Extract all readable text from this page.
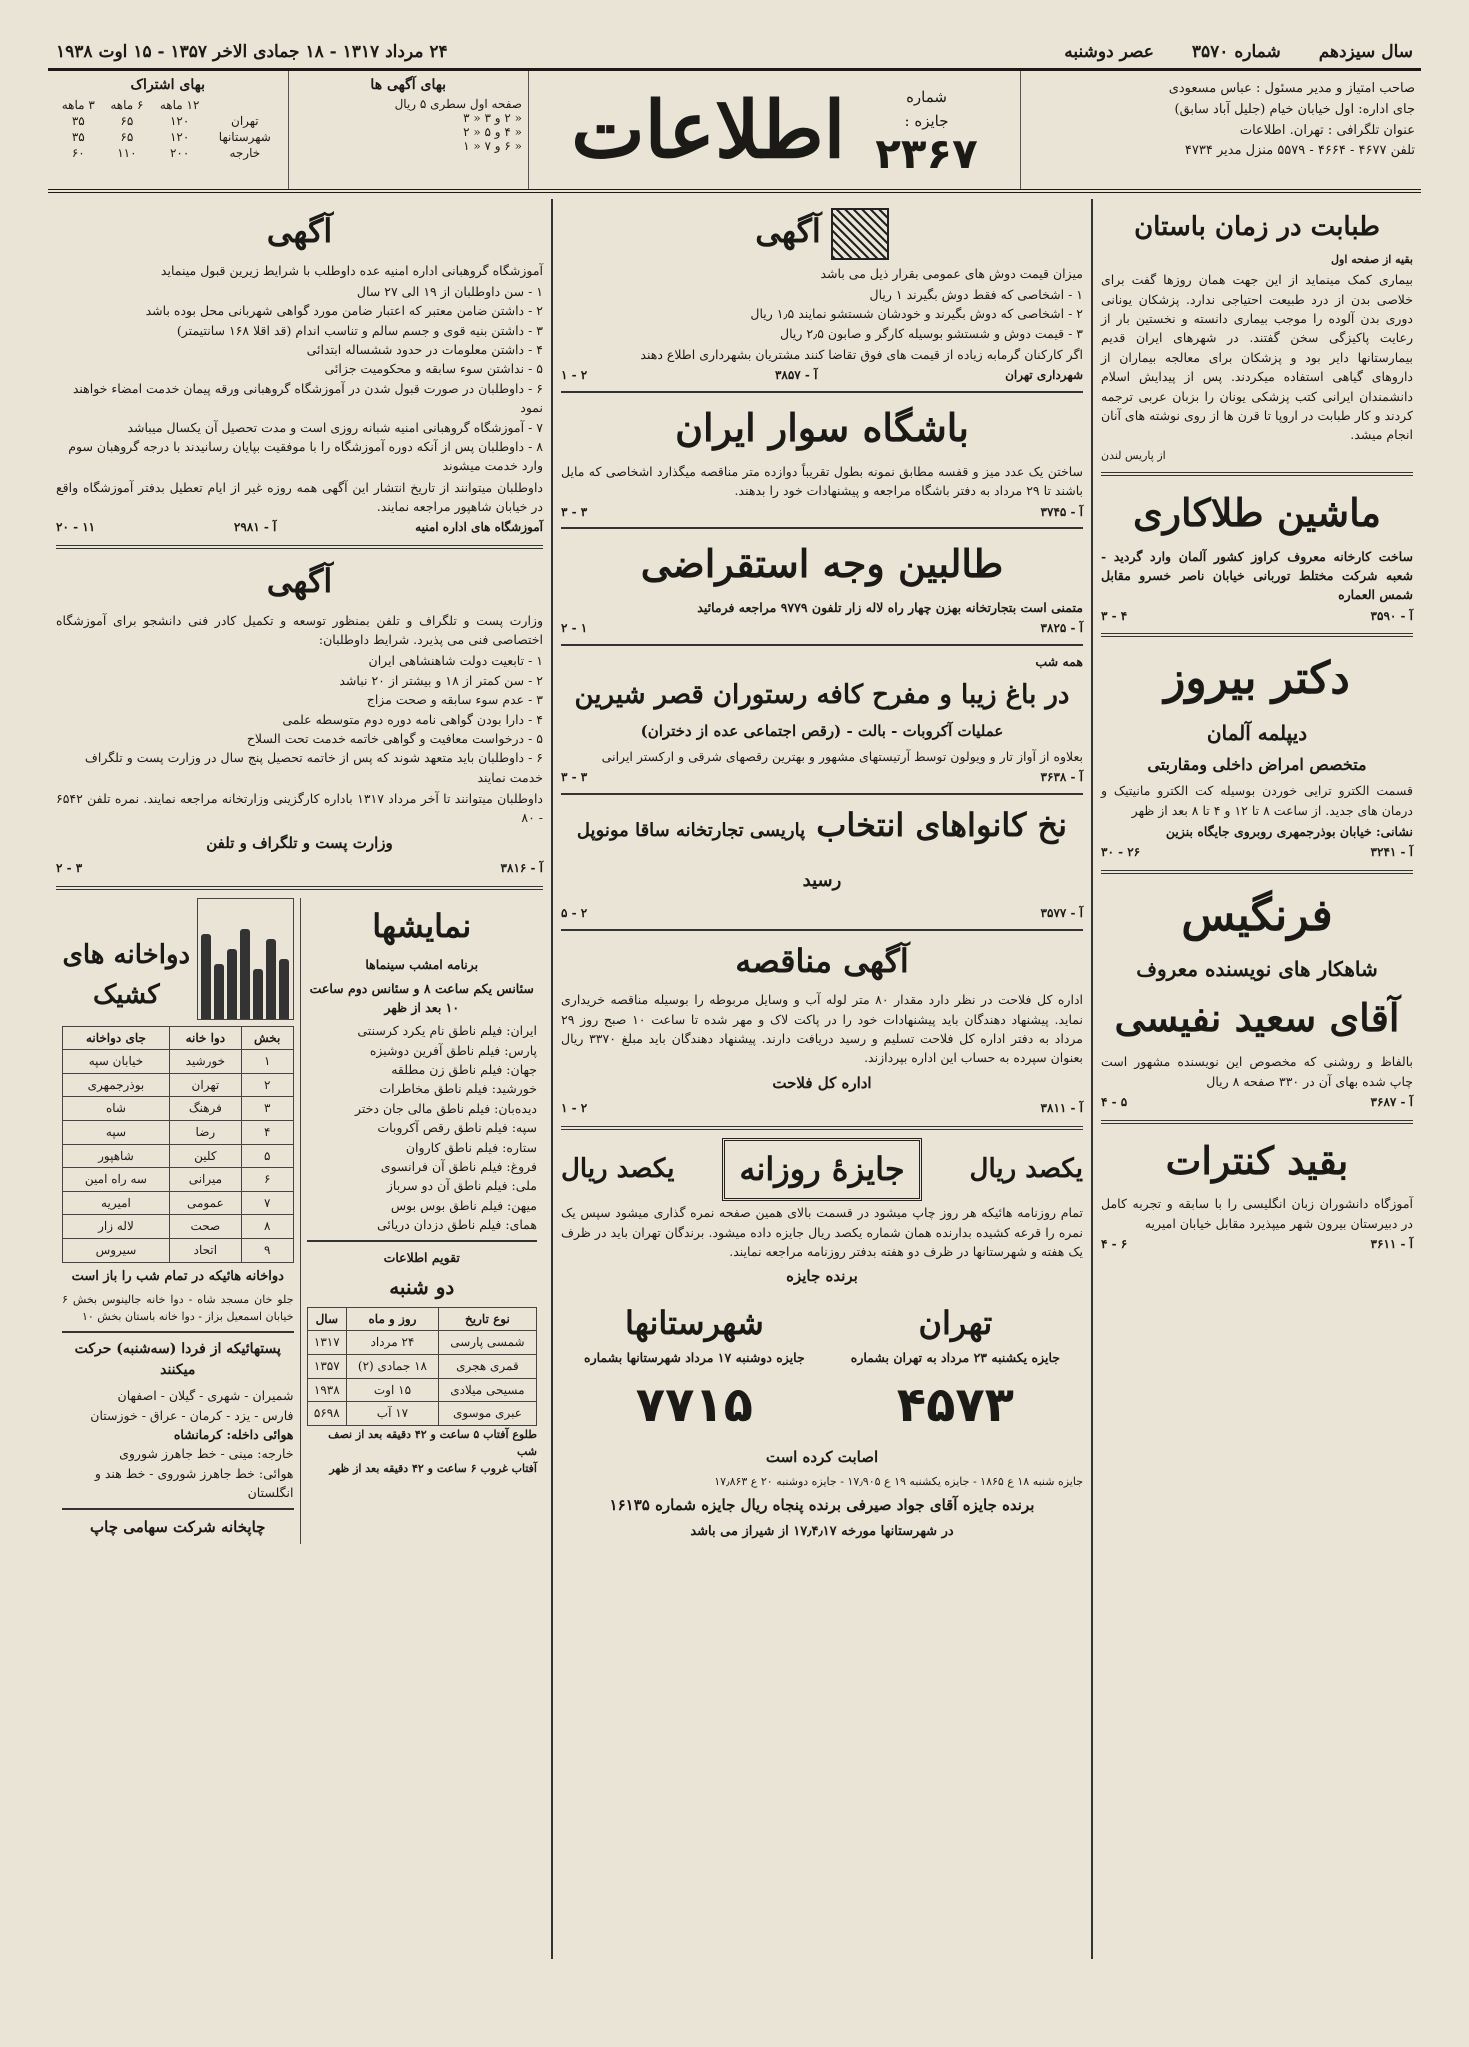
سال سیزدهم
شماره ۳۵۷۰
عصر دوشنبه
۲۴ مرداد ۱۳۱۷ - ۱۸ جمادی الاخر ۱۳۵۷ - ۱۵ اوت ۱۹۳۸
صاحب امتیاز و مدیر مسئول : عباس مسعودی
جای اداره: اول خیابان خیام (جلیل آباد سابق)
عنوان تلگرافی : تهران. اطلاعات
تلفن ۴۶۷۷ - ۴۶۶۴ - ۵۵۷۹ منزل مدیر ۴۷۳۴
شماره
جایزه :
۲۳۶۷
اطلاعات
بهای آگهی ها
صفحه اول سطری ۵ ریال
« ۲ و ۳ « ۳
« ۴ و ۵ « ۲
« ۶ و ۷ « ۱
بهای اشتراک
	۱۲ ماهه	۶ ماهه	۳ ماهه
تهران	۱۲۰	۶۵	۳۵
شهرستانها	۱۲۰	۶۵	۳۵
خارجه	۲۰۰	۱۱۰	۶۰
طبابت در زمان باستان
بقیه از صفحه اول

بیماری کمک مینماید از این جهت همان روزها گفت برای خلاصی بدن از درد طبیعت احتیاجی ندارد. پزشکان یونانی دوری بدن آلوده را موجب بیماری دانسته و نخستین بار از رعایت پاکیزگی سخن گفتند. در شهرهای ایران قدیم بیمارستانها دایر بود و پزشکان برای معالجه بیماران از داروهای گیاهی استفاده میکردند. پس از پیدایش اسلام دانشمندان ایرانی کتب پزشکی یونان را بزبان عربی ترجمه کردند و کار طبابت در اروپا تا قرن ها از روی نوشته های آنان انجام میشد.

از پاریس لندن
ماشین طلاکاری

ساخت کارخانه معروف کراوز کشور آلمان وارد گردید - شعبه شرکت مختلط توربانی خیابان ناصر خسرو مقابل شمس العماره

آ - ۳۵۹۰
۴ - ۳
دکتر بیروز
دیپلمه آلمان
متخصص امراض داخلی ومقاربتی

قسمت الکترو ترایی خوردن بوسیله کت الکترو مانیتیک و درمان های جدید. از ساعت ۸ تا ۱۲ و ۴ تا ۸ بعد از ظهر

نشانی: خیابان بوذرجمهری روبروی جایگاه بنزین

آ - ۳۲۴۱
۲۶ - ۳۰
فرنگیس
شاهکار های نویسنده معروف
آقای سعید نفیسی

بالفاظ و روشنی که مخصوص این نویسنده مشهور است چاپ شده بهای آن در ۳۳۰ صفحه ۸ ریال

آ - ۳۶۸۷
۵ - ۴
بقید کنترات

آموزگاه دانشوران زبان انگلیسی را با سابقه و تجربه کامل در دبیرستان بیرون شهر میپذیرد مقابل خیابان امیریه

آ - ۳۶۱۱
۶ - ۴
آگهی

میزان قیمت دوش های عمومی بقرار ذیل می باشد

۱ - اشخاصی که فقط دوش بگیرند ۱ ریال
۲ - اشخاصی که دوش بگیرند و خودشان شستشو نمایند ۱٫۵ ریال
۳ - قیمت دوش و شستشو بوسیله کارگر و صابون ۲٫۵ ریال

اگر کارکنان گرمابه زیاده از قیمت های فوق تقاضا کنند مشتریان بشهرداری اطلاع دهند

شهرداری تهران
آ - ۳۸۵۷
۲ - ۱
باشگاه سوار ایران

ساختن یک عدد میز و قفسه مطابق نمونه بطول تقریباً دوازده متر مناقصه میگذارد اشخاصی که مایل باشند تا ۲۹ مرداد به دفتر باشگاه مراجعه و پیشنهادات خود را بدهند.

آ - ۳۷۴۵
۳ - ۳
طالبین وجه استقراضی

متمنی است بتجارتخانه بهزن چهار راه لاله زار تلفون ۹۷۷۹ مراجعه فرمائید

آ - ۳۸۲۵
۱ - ۲
همه شب
در باغ زیبا و مفرح کافه رستوران قصر شیرین
عملیات آکروبات - بالت - (رقص اجتماعی عده از دختران)

بعلاوه از آواز تار و ویولون توسط آرتیستهای مشهور و بهترین رقصهای شرقی و ارکستر ایرانی

آ - ۳۶۳۸
۳ - ۳
نخ کانواهای انتخاب پاریسی تجارتخانه ساقا مونوپل رسید
آ - ۳۵۷۷
۲ - ۵
آگهی مناقصه

اداره کل فلاحت در نظر دارد مقدار ۸۰ متر لوله آب و وسایل مربوطه را بوسیله مناقصه خریداری نماید. پیشنهاد دهندگان باید پیشنهادات خود را در پاکت لاک و مهر شده تا ساعت ۱۰ صبح روز ۲۹ مرداد به دفتر اداره کل فلاحت تسلیم و رسید دریافت دارند. پیشنهاد دهندگان باید مبلغ ۳۳۷۰ ریال بعنوان سپرده به حساب این اداره بپردازند.

اداره کل فلاحت
آ - ۳۸۱۱
۲ - ۱
یکصد ریال
جایزهٔ روزانه
یکصد ریال

تمام روزنامه هائیکه هر روز چاپ میشود در قسمت بالای همین صفحه نمره گذاری میشود سپس یک نمره را قرعه کشیده بدارنده همان شماره یکصد ریال جایزه داده میشود. برندگان تهران باید در ظرف یک هفته و شهرستانها در ظرف دو هفته بدفتر روزنامه مراجعه نمایند.

برنده جایزه
تهران
جایزه یکشنبه ۲۳ مرداد به تهران بشماره
۴۵۷۳
شهرستانها
جایزه دوشنبه ۱۷ مرداد شهرستانها بشماره
۷۷۱۵
اصابت کرده است

جایزه شنبه ۱۸ ع ۱۸۶۵ - جایزه یکشنبه ۱۹ ع ۱۷٫۹۰۵ - جایزه دوشنبه ۲۰ ع ۱۷٫۸۶۳

برنده جایزه آقای جواد صیرفی برنده پنجاه ریال جایزه شماره ۱۶۱۳۵
در شهرستانها مورخه ۱۷٫۴٫۱۷ از شیراز می باشد
آگهی

آموزشگاه گروهبانی اداره امنیه عده داوطلب با شرایط زیرین قبول مینماید

۱ - سن داوطلبان از ۱۹ الی ۲۷ سال
۲ - داشتن ضامن معتبر که اعتبار ضامن مورد گواهی شهربانی محل بوده باشد
۳ - داشتن بنیه قوی و جسم سالم و تناسب اندام (قد اقلا ۱۶۸ سانتیمتر)
۴ - داشتن معلومات در حدود ششساله ابتدائی
۵ - نداشتن سوء سابقه و محکومیت جزائی
۶ - داوطلبان در صورت قبول شدن در آموزشگاه گروهبانی ورقه پیمان خدمت امضاء خواهند نمود
۷ - آموزشگاه گروهبانی امنیه شبانه روزی است و مدت تحصیل آن یکسال میباشد
۸ - داوطلبان پس از آنکه دوره آموزشگاه را با موفقیت بپایان رسانیدند با درجه گروهبان سوم وارد خدمت میشوند

داوطلبان میتوانند از تاریخ انتشار این آگهی همه روزه غیر از ایام تعطیل بدفتر آموزشگاه واقع در خیابان شاهپور مراجعه نمایند.

آموزشگاه های اداره امنیه
آ - ۲۹۸۱
۱۱ - ۲۰
آگهی

وزارت پست و تلگراف و تلفن بمنظور توسعه و تکمیل کادر فنی دانشجو برای آموزشگاه اختصاصی فنی می پذیرد. شرایط داوطلبان:

۱ - تابعیت دولت شاهنشاهی ایران
۲ - سن کمتر از ۱۸ و بیشتر از ۲۰ نباشد
۳ - عدم سوء سابقه و صحت مزاج
۴ - دارا بودن گواهی نامه دوره دوم متوسطه علمی
۵ - درخواست معافیت و گواهی خاتمه خدمت تحت السلاح
۶ - داوطلبان باید متعهد شوند که پس از خاتمه تحصیل پنج سال در وزارت پست و تلگراف خدمت نمایند

داوطلبان میتوانند تا آخر مرداد ۱۳۱۷ باداره کارگزینی وزارتخانه مراجعه نمایند. نمره تلفن ۶۵۴۲ - ۸۰

وزارت پست و تلگراف و تلفن
آ - ۳۸۱۶
۳ - ۲
نمایشها
برنامه امشب سینماها
سئانس یکم ساعت ۸ و سئانس دوم ساعت ۱۰ بعد از ظهر
ایران: فیلم ناطق نام یکرد کرسنتی
پارس: فیلم ناطق آفرین دوشیزه
جهان: فیلم ناطق زن مطلقه
خورشید: فیلم ناطق مخاطرات
دیده‌بان: فیلم ناطق مالی جان دختر
سپه: فیلم ناطق رقص آکروبات
ستاره: فیلم ناطق کاروان
فروغ: فیلم ناطق آن فرانسوی
ملی: فیلم ناطق آن دو سرباز
میهن: فیلم ناطق بوس بوس
همای: فیلم ناطق دزدان دریائی
تقویم اطلاعات
دو شنبه
نوع تاریخ	روز و ماه	سال
شمسی پارسی	۲۴ مرداد	۱۳۱۷
قمری هجری	۱۸ جمادی (۲)	۱۳۵۷
مسیحی میلادی	۱۵ اوت	۱۹۳۸
عبری موسوی	۱۷ آب	۵۶۹۸
طلوع آفتاب ۵ ساعت و ۴۲ دقیقه بعد از نصف شب
آفتاب غروب ۶ ساعت و ۴۲ دقیقه بعد از ظهر
دواخانه های کشیک
بخش	دوا خانه	جای دواخانه
۱	خورشید	خیابان سپه
۲	تهران	بوذرجمهری
۳	فرهنگ	شاه
۴	رضا	سپه
۵	کلین	شاهپور
۶	میرانی	سه راه امین
۷	عمومی	امیریه
۸	صحت	لاله زار
۹	اتحاد	سیروس
دواخانه هائیکه در تمام شب را باز است

جلو خان مسجد شاه - دوا خانه جالینوس بخش ۶ خیابان اسمعیل بزاز - دوا خانه باستان بخش ۱۰

پستهائیکه از فردا (سه‌شنبه) حرکت میکنند
شمیران - شهری - گیلان - اصفهان
فارس - یزد - کرمان - عراق - خوزستان
هوائی داخله: کرمانشاه
خارجه: مینی - خط جاهرز شوروی
هوائی: خط جاهرز شوروی - خط هند و انگلستان
چاپخانه شرکت سهامی چاپ
